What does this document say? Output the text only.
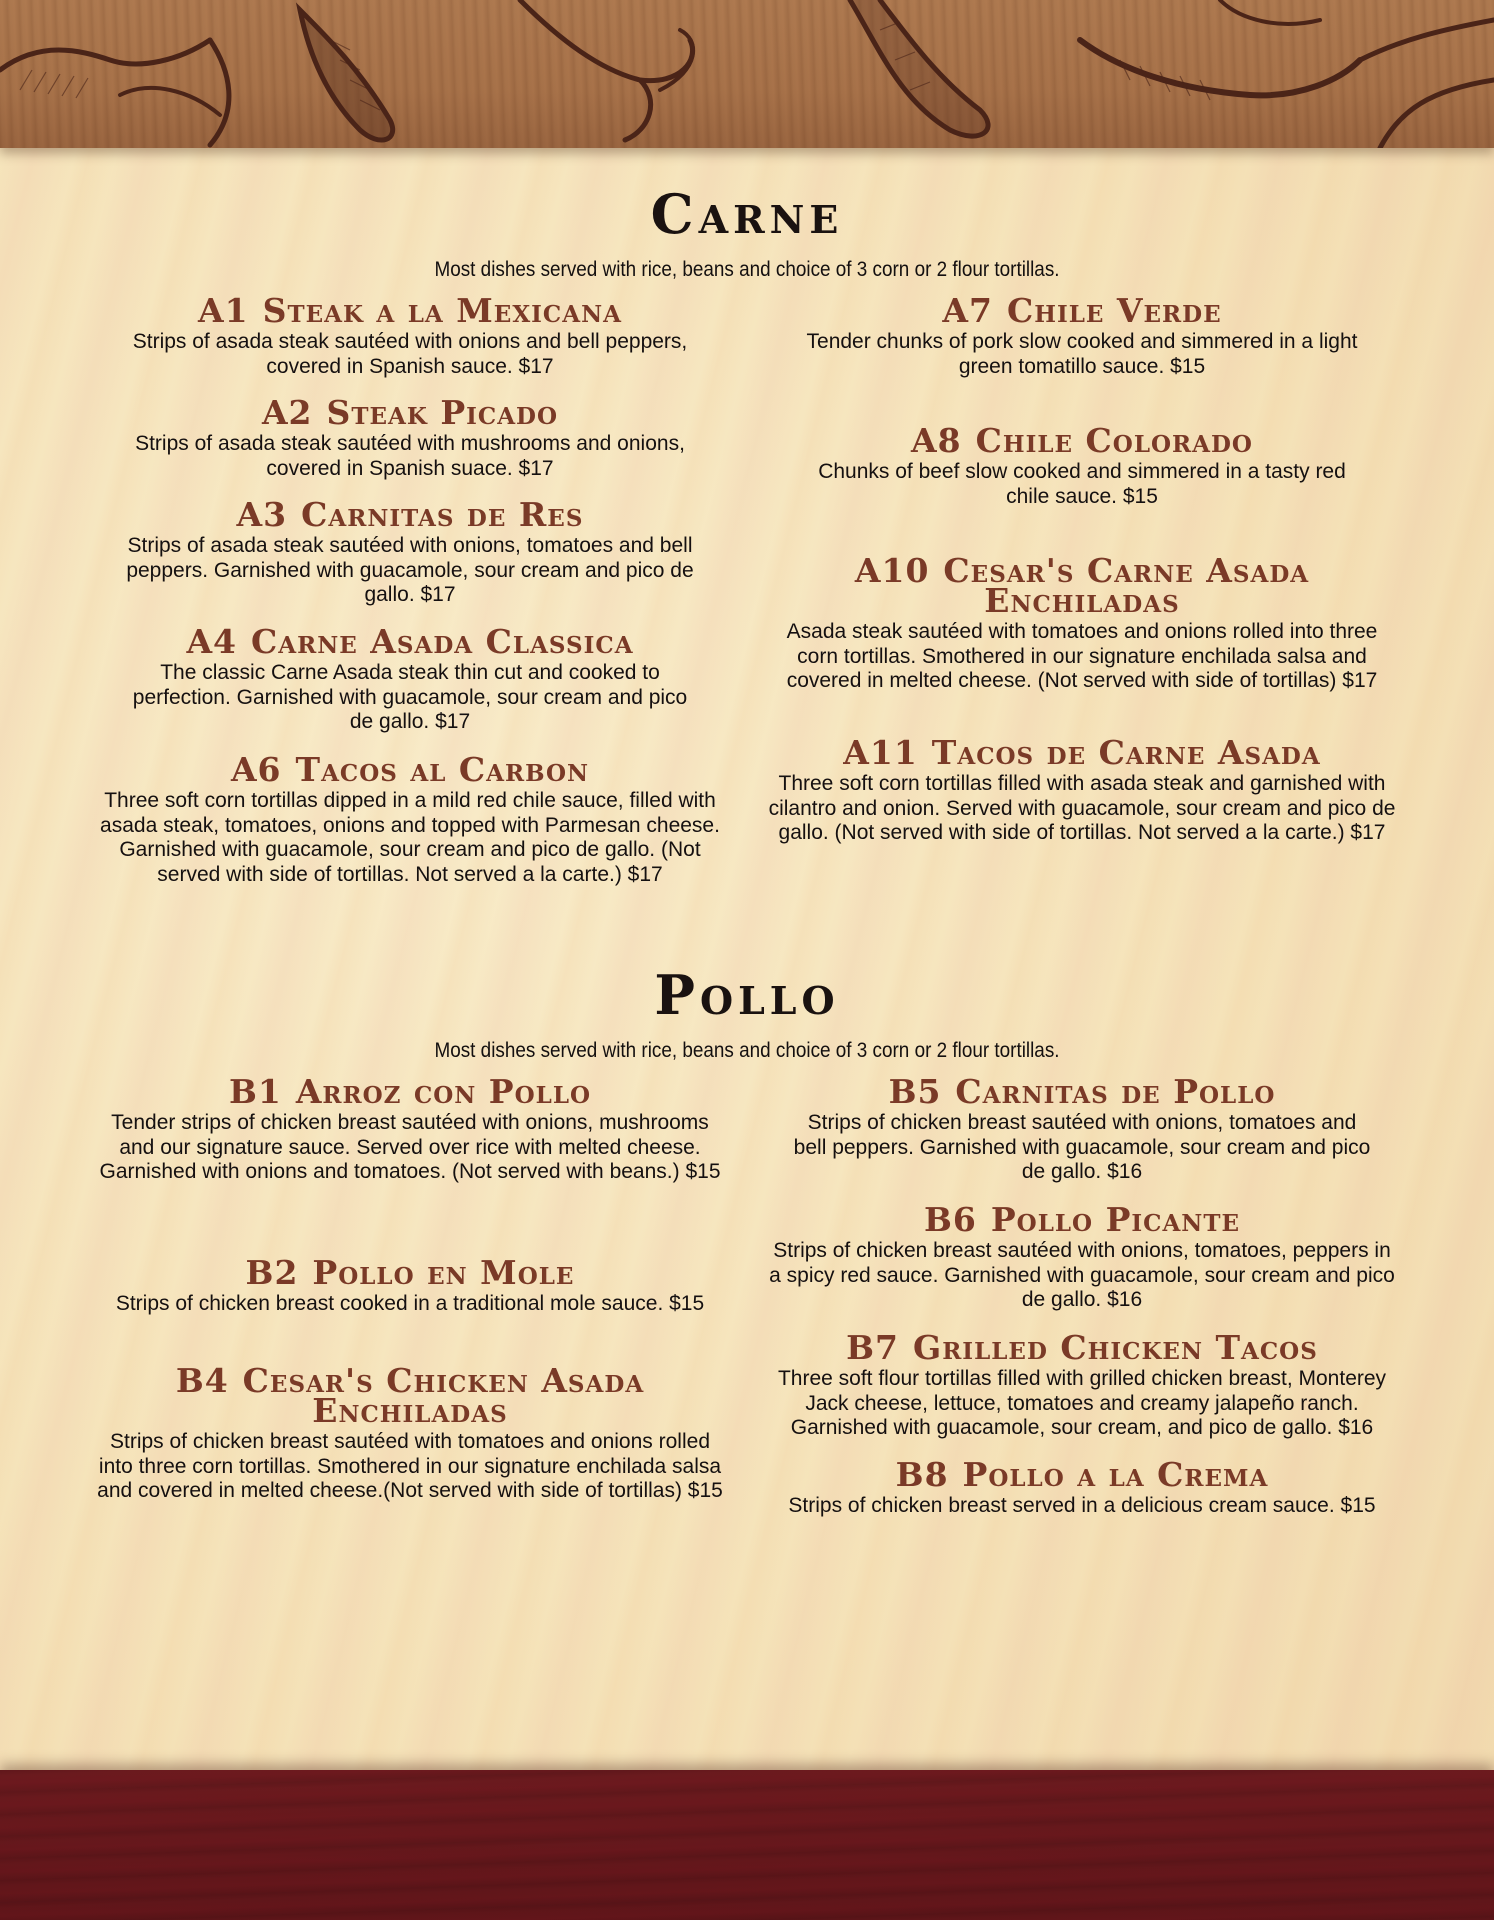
Carne

Most dishes served with rice, beans and choice of 3 corn or 2 flour tortillas.

A1 Steak a la Mexicana
Strips of asada steak sautéed with onions and bell peppers, covered in Spanish sauce. $17
A2 Steak Picado
Strips of asada steak sautéed with mushrooms and onions, covered in Spanish suace. $17
A3 Carnitas de Res
Strips of asada steak sautéed with onions, tomatoes and bell peppers. Garnished with guacamole, sour cream and pico de gallo. $17
A4 Carne Asada Classica
The classic Carne Asada steak thin cut and cooked to perfection. Garnished with guacamole, sour cream and pico de gallo. $17
A6 Tacos al Carbon
Three soft corn tortillas dipped in a mild red chile sauce, filled with asada steak, tomatoes, onions and topped with Parmesan cheese. Garnished with guacamole, sour cream and pico de gallo. (Not served with side of tortillas. Not served a la carte.) $17
A7 Chile Verde
Tender chunks of pork slow cooked and simmered in a light green tomatillo sauce. $15
A8 Chile Colorado
Chunks of beef slow cooked and simmered in a tasty red chile sauce. $15
A10 Cesar's Carne Asada Enchiladas
Asada steak sautéed with tomatoes and onions rolled into three corn tortillas. Smothered in our signature enchilada salsa and covered in melted cheese. (Not served with side of tortillas) $17
A11 Tacos de Carne Asada
Three soft corn tortillas filled with asada steak and garnished with cilantro and onion. Served with guacamole, sour cream and pico de gallo. (Not served with side of tortillas. Not served a la carte.) $17
Pollo

Most dishes served with rice, beans and choice of 3 corn or 2 flour tortillas.

B1 Arroz con Pollo
Tender strips of chicken breast sautéed with onions, mushrooms and our signature sauce. Served over rice with melted cheese. Garnished with onions and tomatoes. (Not served with beans.) $15
B2 Pollo en Mole
Strips of chicken breast cooked in a traditional mole sauce. $15
B4 Cesar's Chicken Asada Enchiladas
Strips of chicken breast sautéed with tomatoes and onions rolled into three corn tortillas. Smothered in our signature enchilada salsa and covered in melted cheese.(Not served with side of tortillas) $15
B5 Carnitas de Pollo
Strips of chicken breast sautéed with onions, tomatoes and bell peppers. Garnished with guacamole, sour cream and pico de gallo. $16
B6 Pollo Picante
Strips of chicken breast sautéed with onions, tomatoes, peppers in a spicy red sauce. Garnished with guacamole, sour cream and pico de gallo. $16
B7 Grilled Chicken Tacos
Three soft flour tortillas filled with grilled chicken breast, Monterey Jack cheese, lettuce, tomatoes and creamy jalapeño ranch. Garnished with guacamole, sour cream, and pico de gallo. $16
B8 Pollo a la Crema
Strips of chicken breast served in a delicious cream sauce. $15
